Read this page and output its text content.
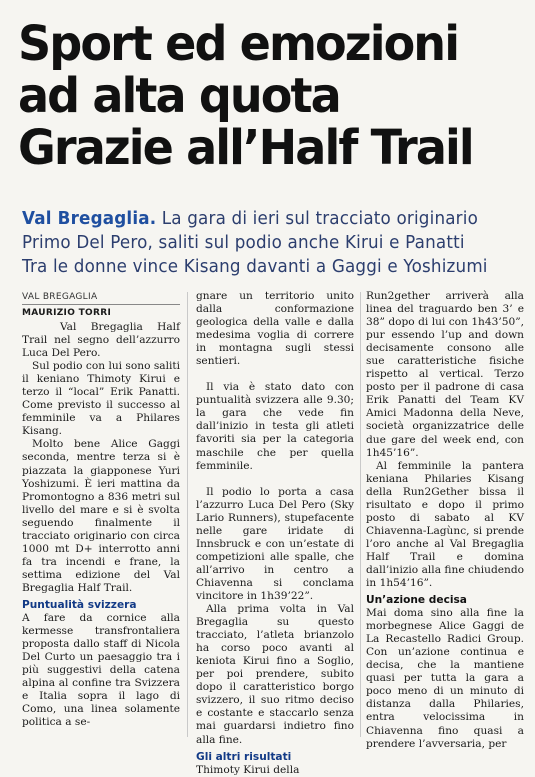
Sport ed emozioni
ad alta quota
Grazie all’Half Trail
Val Bregaglia. La gara di ieri sul tracciato originario
Primo Del Pero, saliti sul podio anche Kirui e Panatti
Tra le donne vince Kisang davanti a Gaggi e Yoshizumi
VAL BREGAGLIA
MAURIZIO TORRI

Val Bregaglia Half Trail nel segno dell’azzurro Luca Del Pero.

Sul podio con lui sono saliti il keniano Thimoty Kirui e terzo il “local” Erik Panatti. Come previsto il successo al femminile va a Philares Kisang.

Molto bene Alice Gaggi seconda, mentre terza si è piazzata la giapponese Yuri Yoshizumi. È ieri mattina da Promontogno a 836 metri sul livello del mare e si è svolta seguendo finalmente il tracciato originario con circa 1000 mt D+ interrotto anni fa tra incendi e frane, la settima edizione del Val Bregaglia Half Trail.

Puntualità svizzera

A fare da cornice alla kermesse transfrontaliera proposta dallo staff di Nicola Del Curto un paesaggio tra i più suggestivi della catena alpina al confine tra Svizzera e Italia sopra il lago di Como, una linea solamente politica a se-

gnare un territorio unito dalla conformazione geologica della valle e dalla medesima voglia di correre in montagna sugli stessi sentieri.

Il via è stato dato con puntualità svizzera alle 9.30; la gara che vede fin dall’inizio in testa gli atleti favoriti sia per la categoria maschile che per quella femminile.

Il podio lo porta a casa l’azzurro Luca Del Pero (Sky Lario Runners), stupefacente nelle gare iridate di Innsbruck e con un’estate di competizioni alle spalle, che all’arrivo in centro a Chiavenna si conclama vincitore in 1h39’22”.

Alla prima volta in Val Bregaglia su questo tracciato, l’atleta brianzolo ha corso poco avanti al keniota Kirui fino a Soglio, per poi prendere, subito dopo il caratteristico borgo svizzero, il suo ritmo deciso e costante e staccarlo senza mai guardarsi indietro fino alla fine.

Gli altri risultati

Thimoty Kirui della

Run2gether arriverà alla linea del traguardo ben 3’ e 38” dopo di lui con 1h43’50”, pur essendo l’up and down decisamente consono alle sue caratteristiche fisiche rispetto al vertical. Terzo posto per il padrone di casa Erik Panatti del Team KV Amici Madonna della Neve, società organizzatrice delle due gare del week end, con 1h45’16”.

Al femminile la pantera keniana Philaries Kisang della Run2Gether bissa il risultato e dopo il primo posto di sabato al KV Chiavenna-Lagùnc, si prende l’oro anche al Val Bregaglia Half Trail e domina dall’inizio alla fine chiudendo in 1h54’16”.

Un’azione decisa

Mai doma sino alla fine la morbegnese Alice Gaggi de La Recastello Radici Group. Con un’azione continua e decisa, che la mantiene quasi per tutta la gara a poco meno di un minuto di distanza dalla Philaries, entra velocissima in Chiavenna fino quasi a prendere l’avversaria, per
